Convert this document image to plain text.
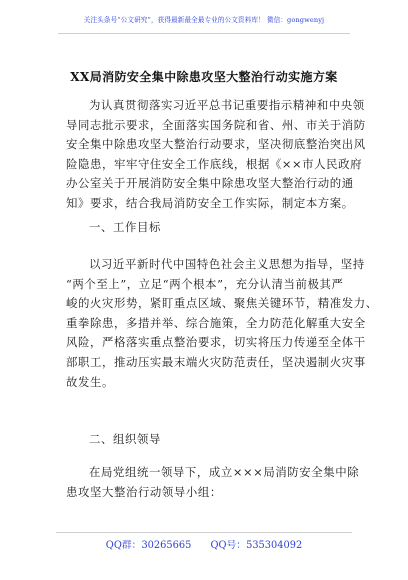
关注头条号“公文研究”，获得最新最全最专业的公文资料库！ 微信：gongwenyj
XX局消防安全集中除患攻坚大整治行动实施方案
为认真贯彻落实习近平总书记重要指示精神和中央领
导同志批示要求，全面落实国务院和省、州、市关于消防
安全集中除患攻坚大整治行动要求，坚决彻底整治突出风
险隐患，牢牢守住安全工作底线，根据《××市人民政府
办公室关于开展消防安全集中除患攻坚大整治行动的通
知》要求，结合我局消防安全工作实际，制定本方案。
一、工作目标
以习近平新时代中国特色社会主义思想为指导，坚持
“两个至上”，立足“两个根本”，充分认清当前极其严
峻的火灾形势，紧盯重点区域、聚焦关键环节，精准发力、
重拳除患，多措并举、综合施策，全力防范化解重大安全
风险，严格落实重点整治要求，切实将压力传递至全体干
部职工，推动压实最末端火灾防范责任，坚决遏制火灾事
故发生。
二、组织领导
在局党组统一领导下，成立×××局消防安全集中除
患攻坚大整治行动领导小组：
QQ群：30265665 QQ号：535304092
